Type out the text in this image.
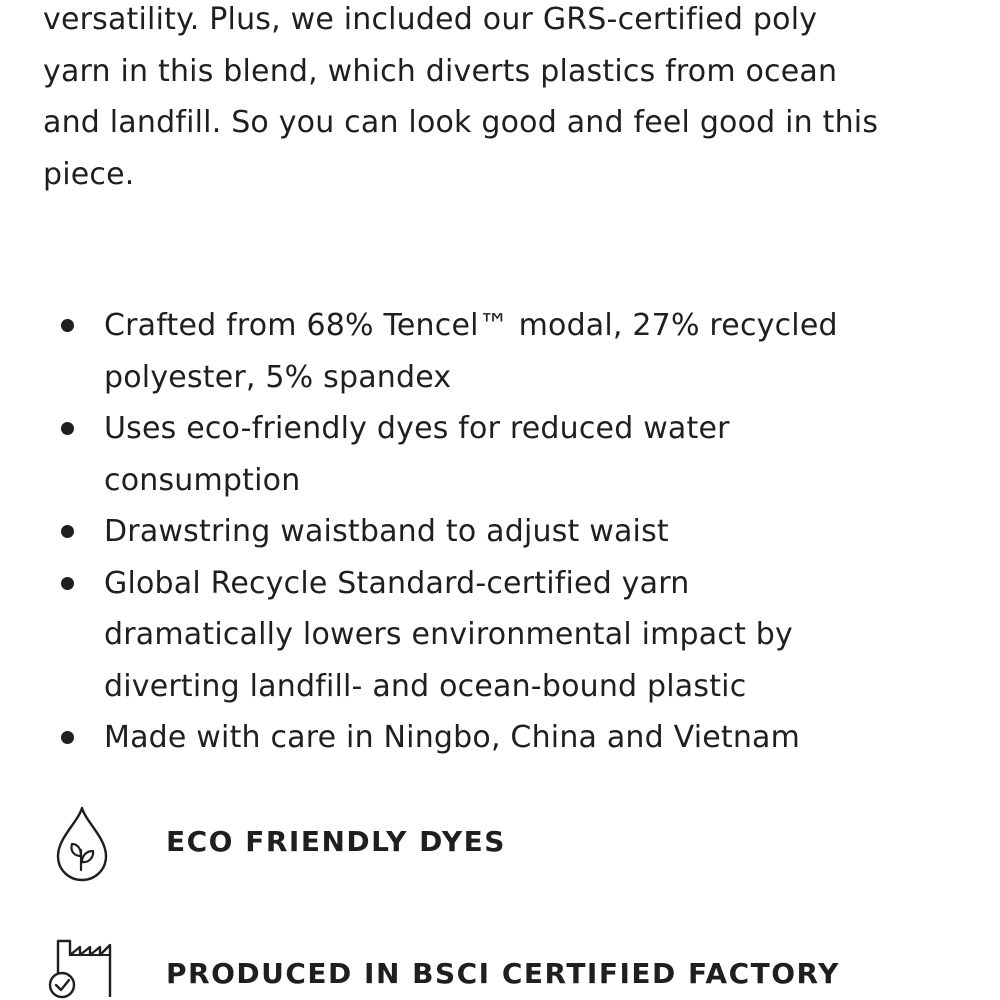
versatility. Plus, we included our GRS-certified poly
yarn in this blend, which diverts plastics from ocean
and landfill. So you can look good and feel good in this
piece.

Crafted from 68% Tencel™ modal, 27% recycled
polyester, 5% spandex
Uses eco-friendly dyes for reduced water
consumption
Drawstring waistband to adjust waist
Global Recycle Standard-certified yarn
dramatically lowers environmental impact by
diverting landfill- and ocean-bound plastic
Made with care in Ningbo, China and Vietnam
ECO FRIENDLY DYES
PRODUCED IN BSCI CERTIFIED FACTORY
